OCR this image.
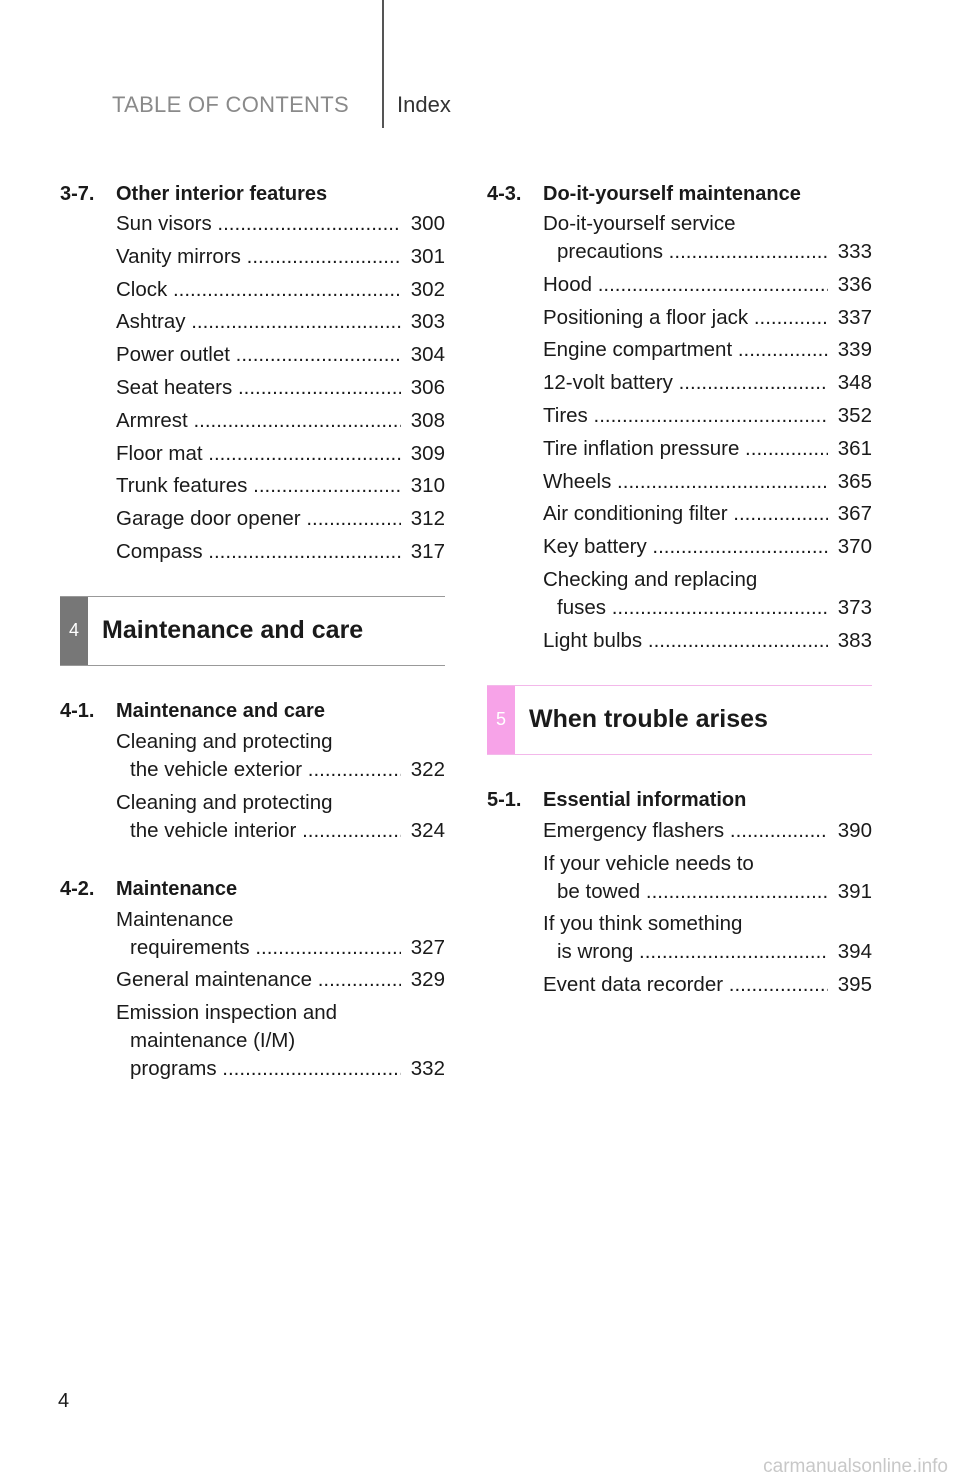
TABLE OF CONTENTS Index
3-7.	Other interior features
Sun visors .....	300
Vanity mirrors .....	301
Clock .....	302
Ashtray .....	303
Power outlet .....	304
Seat heaters .....	306
Armrest .....	308
Floor mat .....	309
Trunk features .....	310
Garage door opener .....	312
Compass .....	317
4 Maintenance and care
4-1.	Maintenance and care
Cleaning and protecting
the vehicle exterior .....	322
Cleaning and protecting
the vehicle interior .....	324
4-2.	Maintenance
Maintenance
requirements .....	327
General maintenance .....	329
Emission inspection and
maintenance (I/M)
programs .....	332
4-3.	Do-it-yourself maintenance
Do-it-yourself service
precautions .....	333
Hood .....	336
Positioning a floor jack .....	337
Engine compartment .....	339
12-volt battery .....	348
Tires .....	352
Tire inflation pressure .....	361
Wheels .....	365
Air conditioning filter .....	367
Key battery .....	370
Checking and replacing
fuses .....	373
Light bulbs .....	383
5 When trouble arises
5-1.	Essential information
Emergency flashers .....	390
If your vehicle needs to
be towed .....	391
If you think something
is wrong .....	394
Event data recorder .....	395
4
carmanualsonline.info
